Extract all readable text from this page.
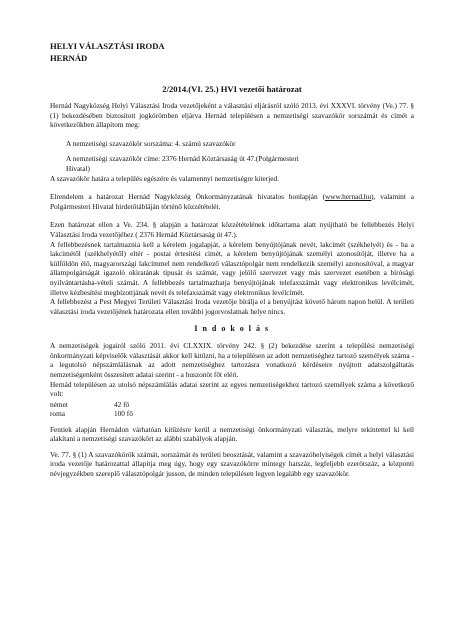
HELYI VÁLASZTÁSI IRODA
HERNÁD
2/2014.(VI. 25.) HVI vezetői határozat

Hernád Nagyközség Helyi Választási Iroda vezetőjeként a választási eljárásról szóló 2013. évi XXXVI. törvény (Ve.) 77. § (1) bekezdésében biztosított jogkörömben eljárva Hernád településen a nemzetiségi szavazókör sorszámát és címét a következőkben állapítom meg:

A nemzetiségi szavazókör sorszáma: 4. számú szavazókör

A nemzetiségi szavazókör címe: 2376 Hernád Köztársaság út 47.(Polgármesteri

Hivatal)

A szavazókör határa a település egészére és valamennyi nemzetiségre kiterjed.

Elrendelem a határozat Hernád Nagyközség Önkormányzatának hivatalos honlapján (www.hernad.hu), valamint a Polgármesteri Hivatal hirdetőtábláján történő közzétételét.

Ezen határozat ellen a Ve. 234. § alapján a határozat közzétételének időtartama alatt nyújtható be fellebbezés Helyi Választási Iroda vezetőjéhez ( 2376 Hernád Köztársaság út 47.).

A fellebbezésnek tartalmaznia kell a kérelem jogalapját, a kérelem benyújtójának nevét, lakcímét (székhelyét) és - ha a lakcímétől (székhelyétől) eltér - postai értesítési címét, a kérelem benyújtójának személyi azonosítóját, illetve ha a külföldön élő, magyarországi lakcímmel nem rendelkező választópolgár nem rendelkezik személyi azonosítóval, a magyar állampolgárságát igazoló okiratának típusát és számát, vagy jelölő szervezet vagy más szervezet esetében a bírósági nyilvántartásba-vételi számát. A fellebbezés tartalmazhatja benyújtójának telefaxszámát vagy elektronikus levélcímét, illetve kézbesítési megbízottjának nevét és telefaxszámát vagy elektronikus levélcímét.

A fellebbezést a Pest Megyei Területi Választási Iroda vezetője bírálja el a benyújtást követő három napon belül. A területi választási iroda vezetőjének határozata ellen további jogorvoslatnak helye nincs.

I n d o k o l á s

A nemzetiségek jogairól szóló 2011. évi CLXXIX. törvény 242. § (2) bekezdése szerint a települési nemzetiségi önkormányzati képviselők választását akkor kell kitűzni, ha a településen az adott nemzetiséghez tartozó személyek száma - a legutolsó népszámlálásnak az adott nemzetiséghez tartozásra vonatkozó kérdéseire nyújtott adatszolgáltatás nemzetiségenként összesített adatai szerint - a huszonöt főt eléri.

Hernád településen az utolsó népszámlálás adatai szerint az egyes nemzetiségekhez tartozó személyek száma a következő volt:

német	42 fő
roma	100 fő

Fentiek alapján Hernádon várhatóan kitűzésre kerül a nemzetiségi önkormányzati választás, melyre tekintettel ki kell alakítani a nemzetiségi szavazókört az alábbi szabályok alapján.

Ve. 77. § (1) A szavazókörök számát, sorszámát és területi beosztását, valamint a szavazóhelyiségek címét a helyi választási iroda vezetője határozattal állapítja meg úgy, hogy egy szavazókörre mintegy hatszáz, legfeljebb ezerötszáz, a központi névjegyzékben szereplő választópolgár jusson, de minden településen legyen legalább egy szavazókör.
